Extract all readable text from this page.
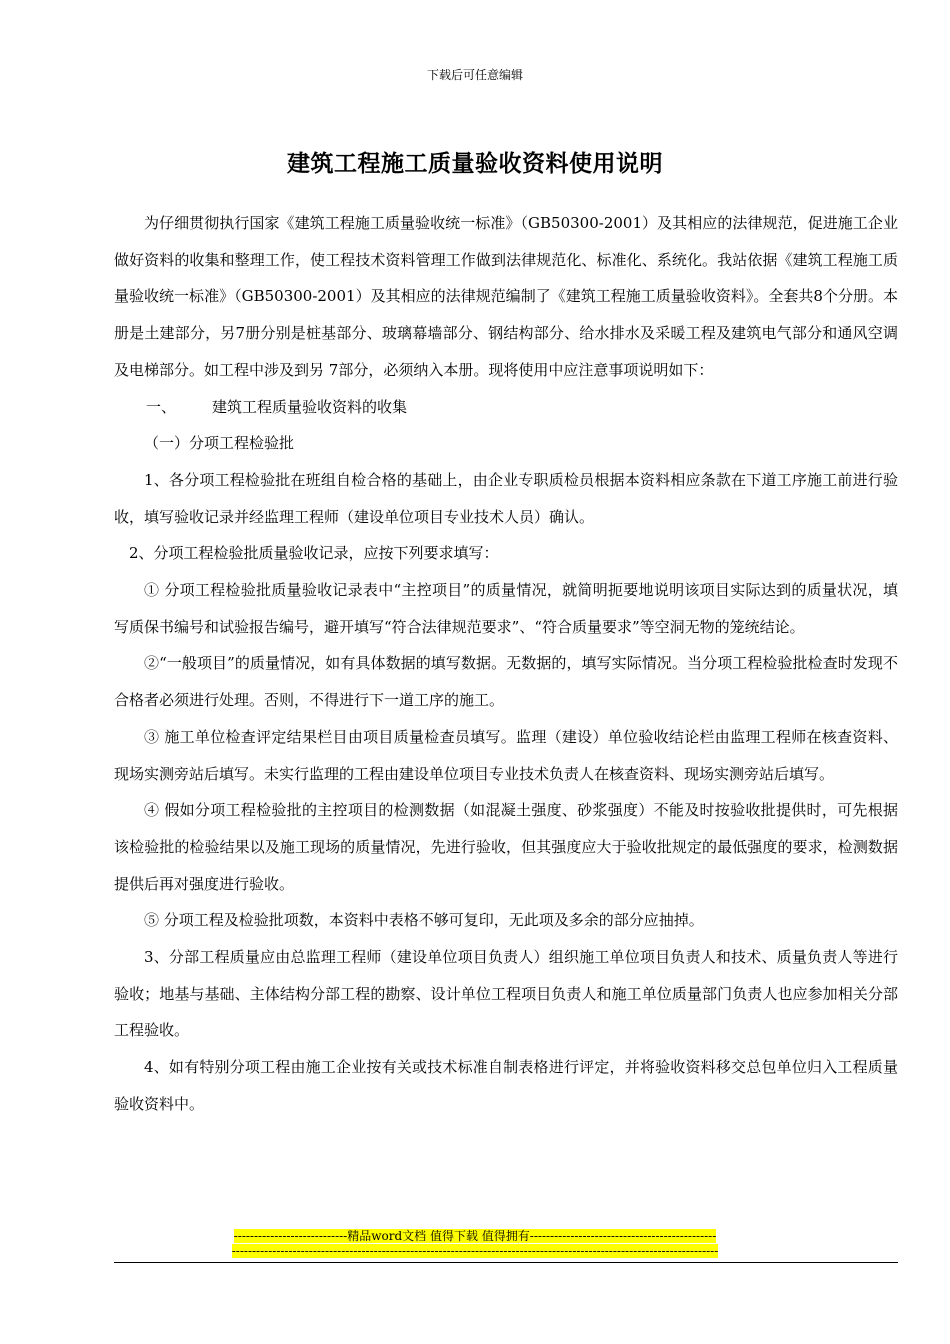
下载后可任意编辑
建筑工程施工质量验收资料使用说明

为仔细贯彻执行国家《建筑工程施工质量验收统一标准》（GB50300-2001）及其相应的法律规范，促进施工企业做好资料的收集和整理工作，使工程技术资料管理工作做到法律规范化、标准化、系统化。我站依据《建筑工程施工质量验收统一标准》（GB50300-2001）及其相应的法律规范编制了《建筑工程施工质量验收资料》。全套共8个分册。本册是土建部分，另7册分别是桩基部分、玻璃幕墙部分、钢结构部分、给水排水及采暖工程及建筑电气部分和通风空调及电梯部分。如工程中涉及到另 7部分，必须纳入本册。现将使用中应注意事项说明如下：

一、 建筑工程质量验收资料的收集

（一）分项工程检验批

1、各分项工程检验批在班组自检合格的基础上，由企业专职质检员根据本资料相应条款在下道工序施工前进行验收，填写验收记录并经监理工程师（建设单位项目专业技术人员）确认。

2、分项工程检验批质量验收记录，应按下列要求填写：

① 分项工程检验批质量验收记录表中“主控项目”的质量情况，就简明扼要地说明该项目实际达到的质量状况，填写质保书编号和试验报告编号，避开填写“符合法律规范要求”、“符合质量要求”等空洞无物的笼统结论。

②“一般项目”的质量情况，如有具体数据的填写数据。无数据的，填写实际情况。当分项工程检验批检查时发现不合格者必须进行处理。否则，不得进行下一道工序的施工。

③ 施工单位检查评定结果栏目由项目质量检查员填写。监理（建设）单位验收结论栏由监理工程师在核查资料、现场实测旁站后填写。未实行监理的工程由建设单位项目专业技术负责人在核查资料、现场实测旁站后填写。

④ 假如分项工程检验批的主控项目的检测数据（如混凝土强度、砂浆强度）不能及时按验收批提供时，可先根据该检验批的检验结果以及施工现场的质量情况，先进行验收，但其强度应大于验收批规定的最低强度的要求，检测数据提供后再对强度进行验收。

⑤ 分项工程及检验批项数，本资料中表格不够可复印，无此项及多余的部分应抽掉。

3、分部工程质量应由总监理工程师（建设单位项目负责人）组织施工单位项目负责人和技术、质量负责人等进行验收；地基与基础、主体结构分部工程的勘察、设计单位工程项目负责人和施工单位质量部门负责人也应参加相关分部工程验收。

4、如有特别分项工程由施工企业按有关或技术标准自制表格进行评定，并将验收资料移交总包单位归入工程质量验收资料中。

----------------------------精品word文档 值得下载 值得拥有----------------------------------------------
------------------------------------------------------------------------------------------------------------------------
